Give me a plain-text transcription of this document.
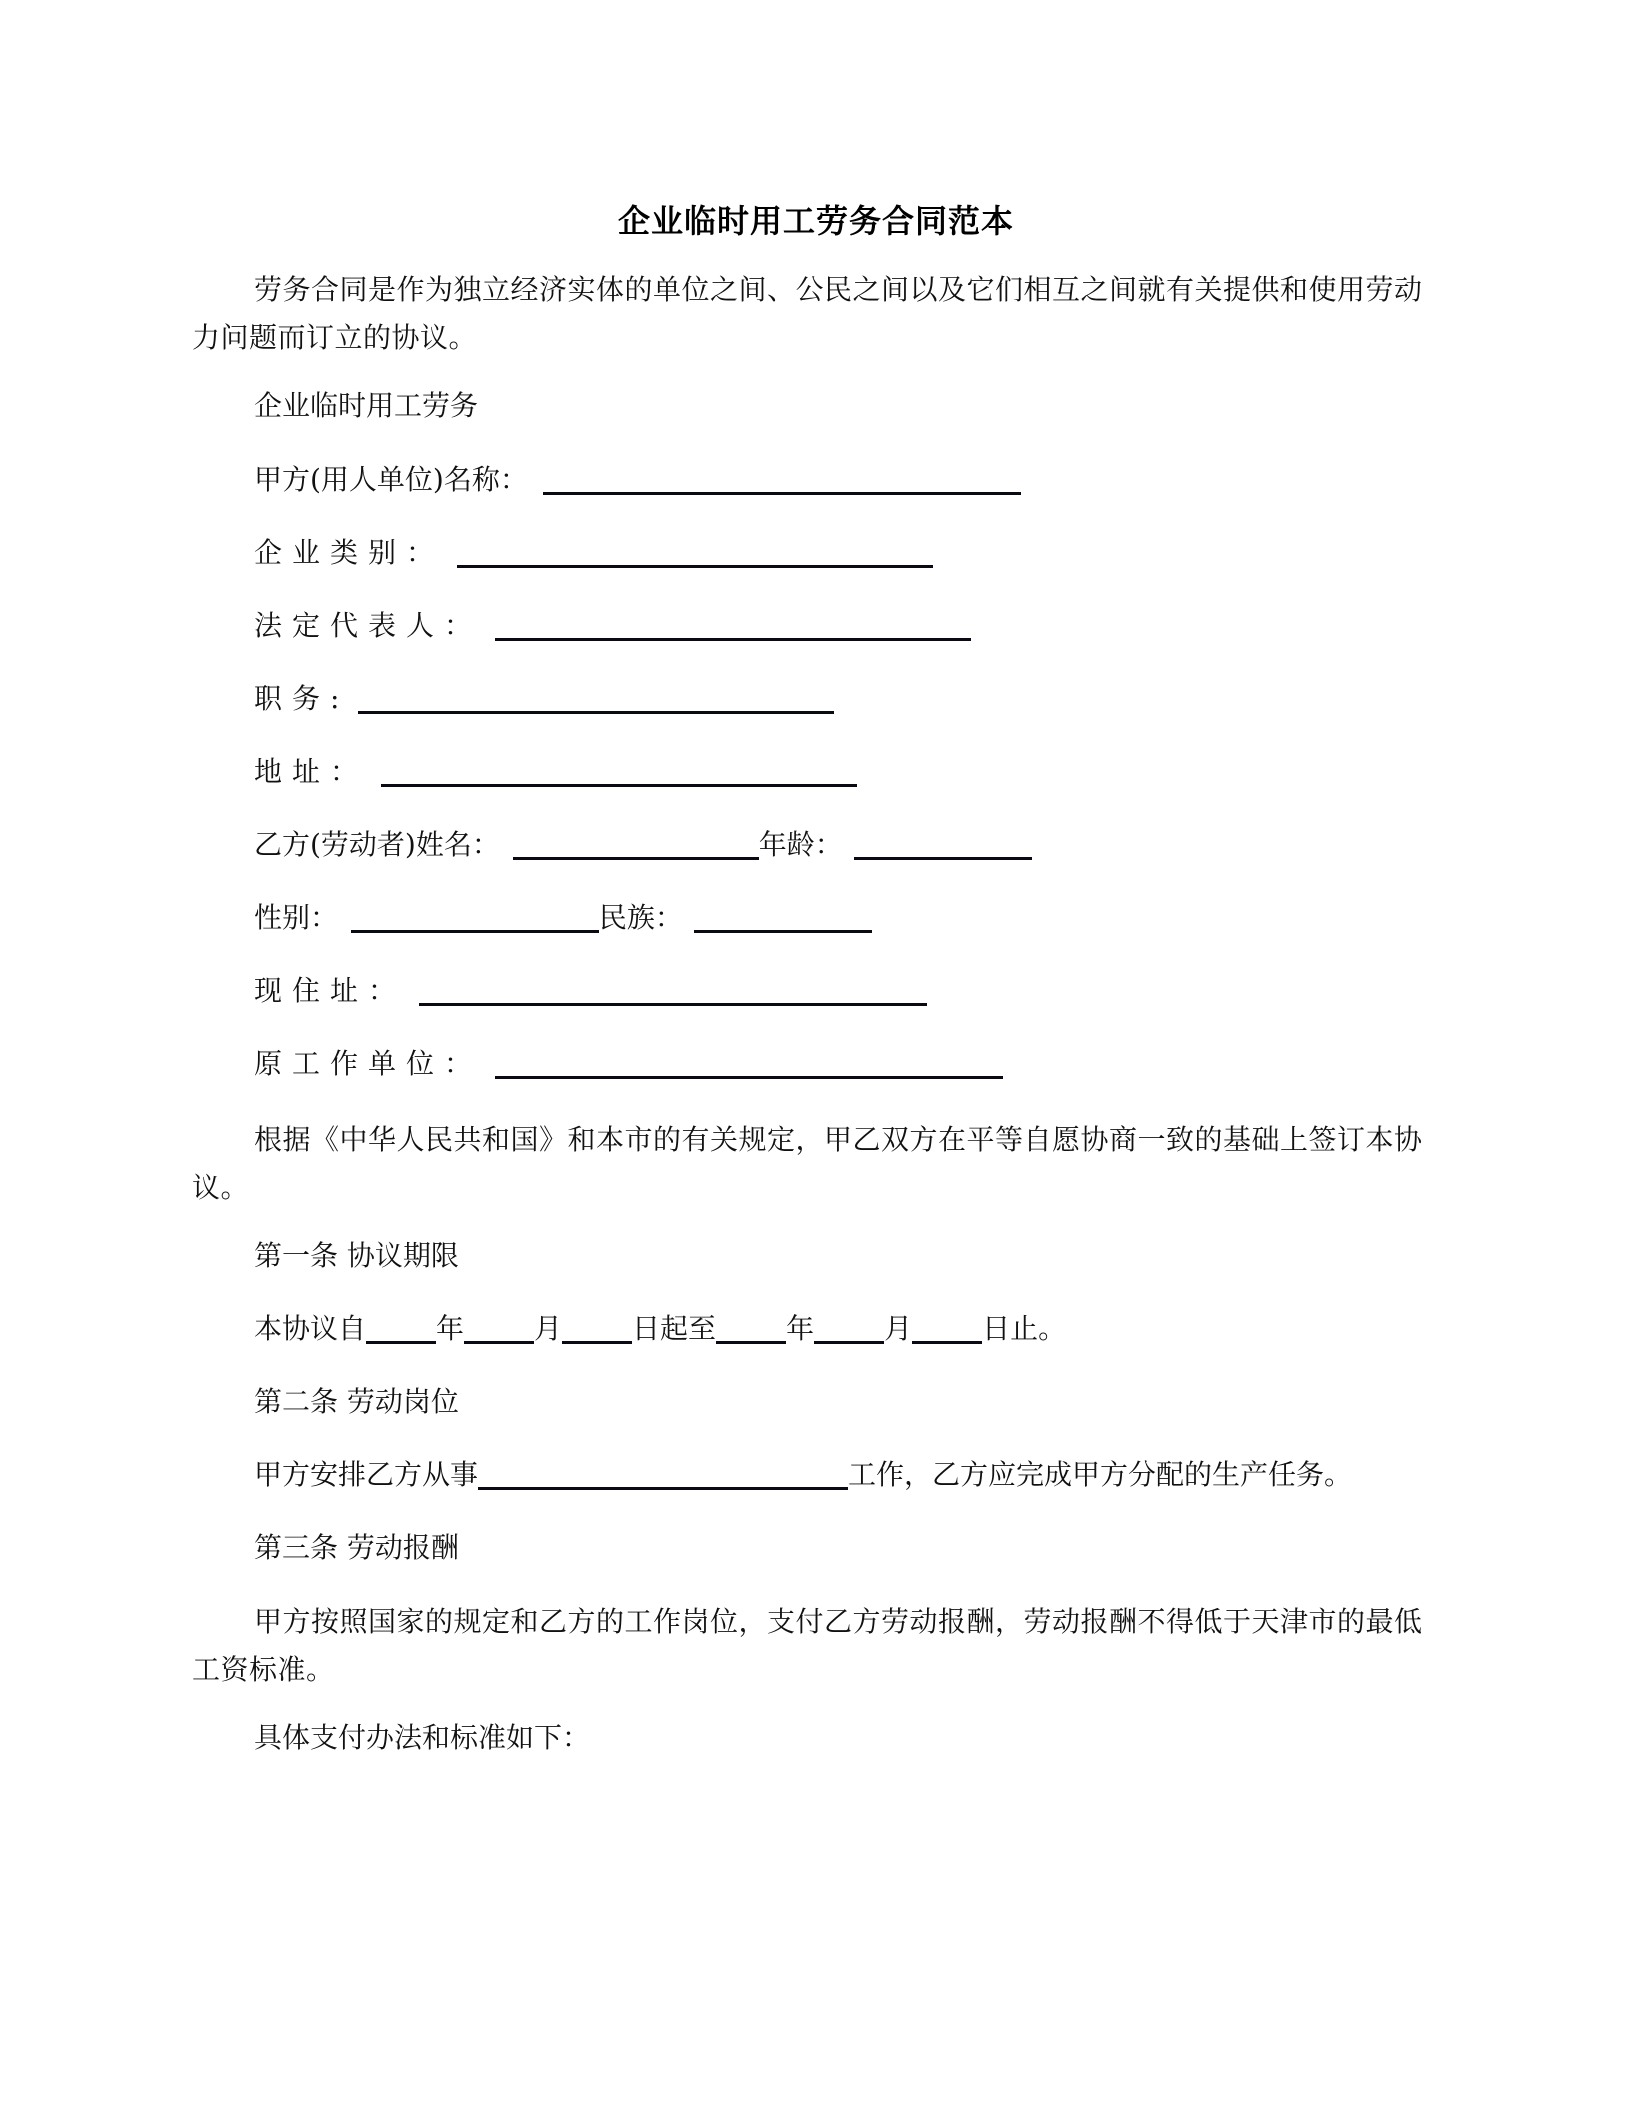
企业临时用工劳务合同范本
劳务合同是作为独立经济实体的单位之间、公民之间以及它们相互之间就有关提供和使用劳动力问题而订立的协议。
企业临时用工劳务
甲方(用人单位)名称：
企业类别：
法定代表人：
职务:
地址：
乙方(劳动者)姓名：	年龄：
性别：	民族：
现住址：
原工作单位：
根据《中华人民共和国》和本市的有关规定，甲乙双方在平等自愿协商一致的基础上签订本协议。
第一条 协议期限
本协议自	年	月	日起至	年	月	日止。
第二条 劳动岗位
甲方安排乙方从事	工作，乙方应完成甲方分配的生产任务。
第三条 劳动报酬
甲方按照国家的规定和乙方的工作岗位，支付乙方劳动报酬，劳动报酬不得低于天津市的最低工资标准。
具体支付办法和标准如下：
